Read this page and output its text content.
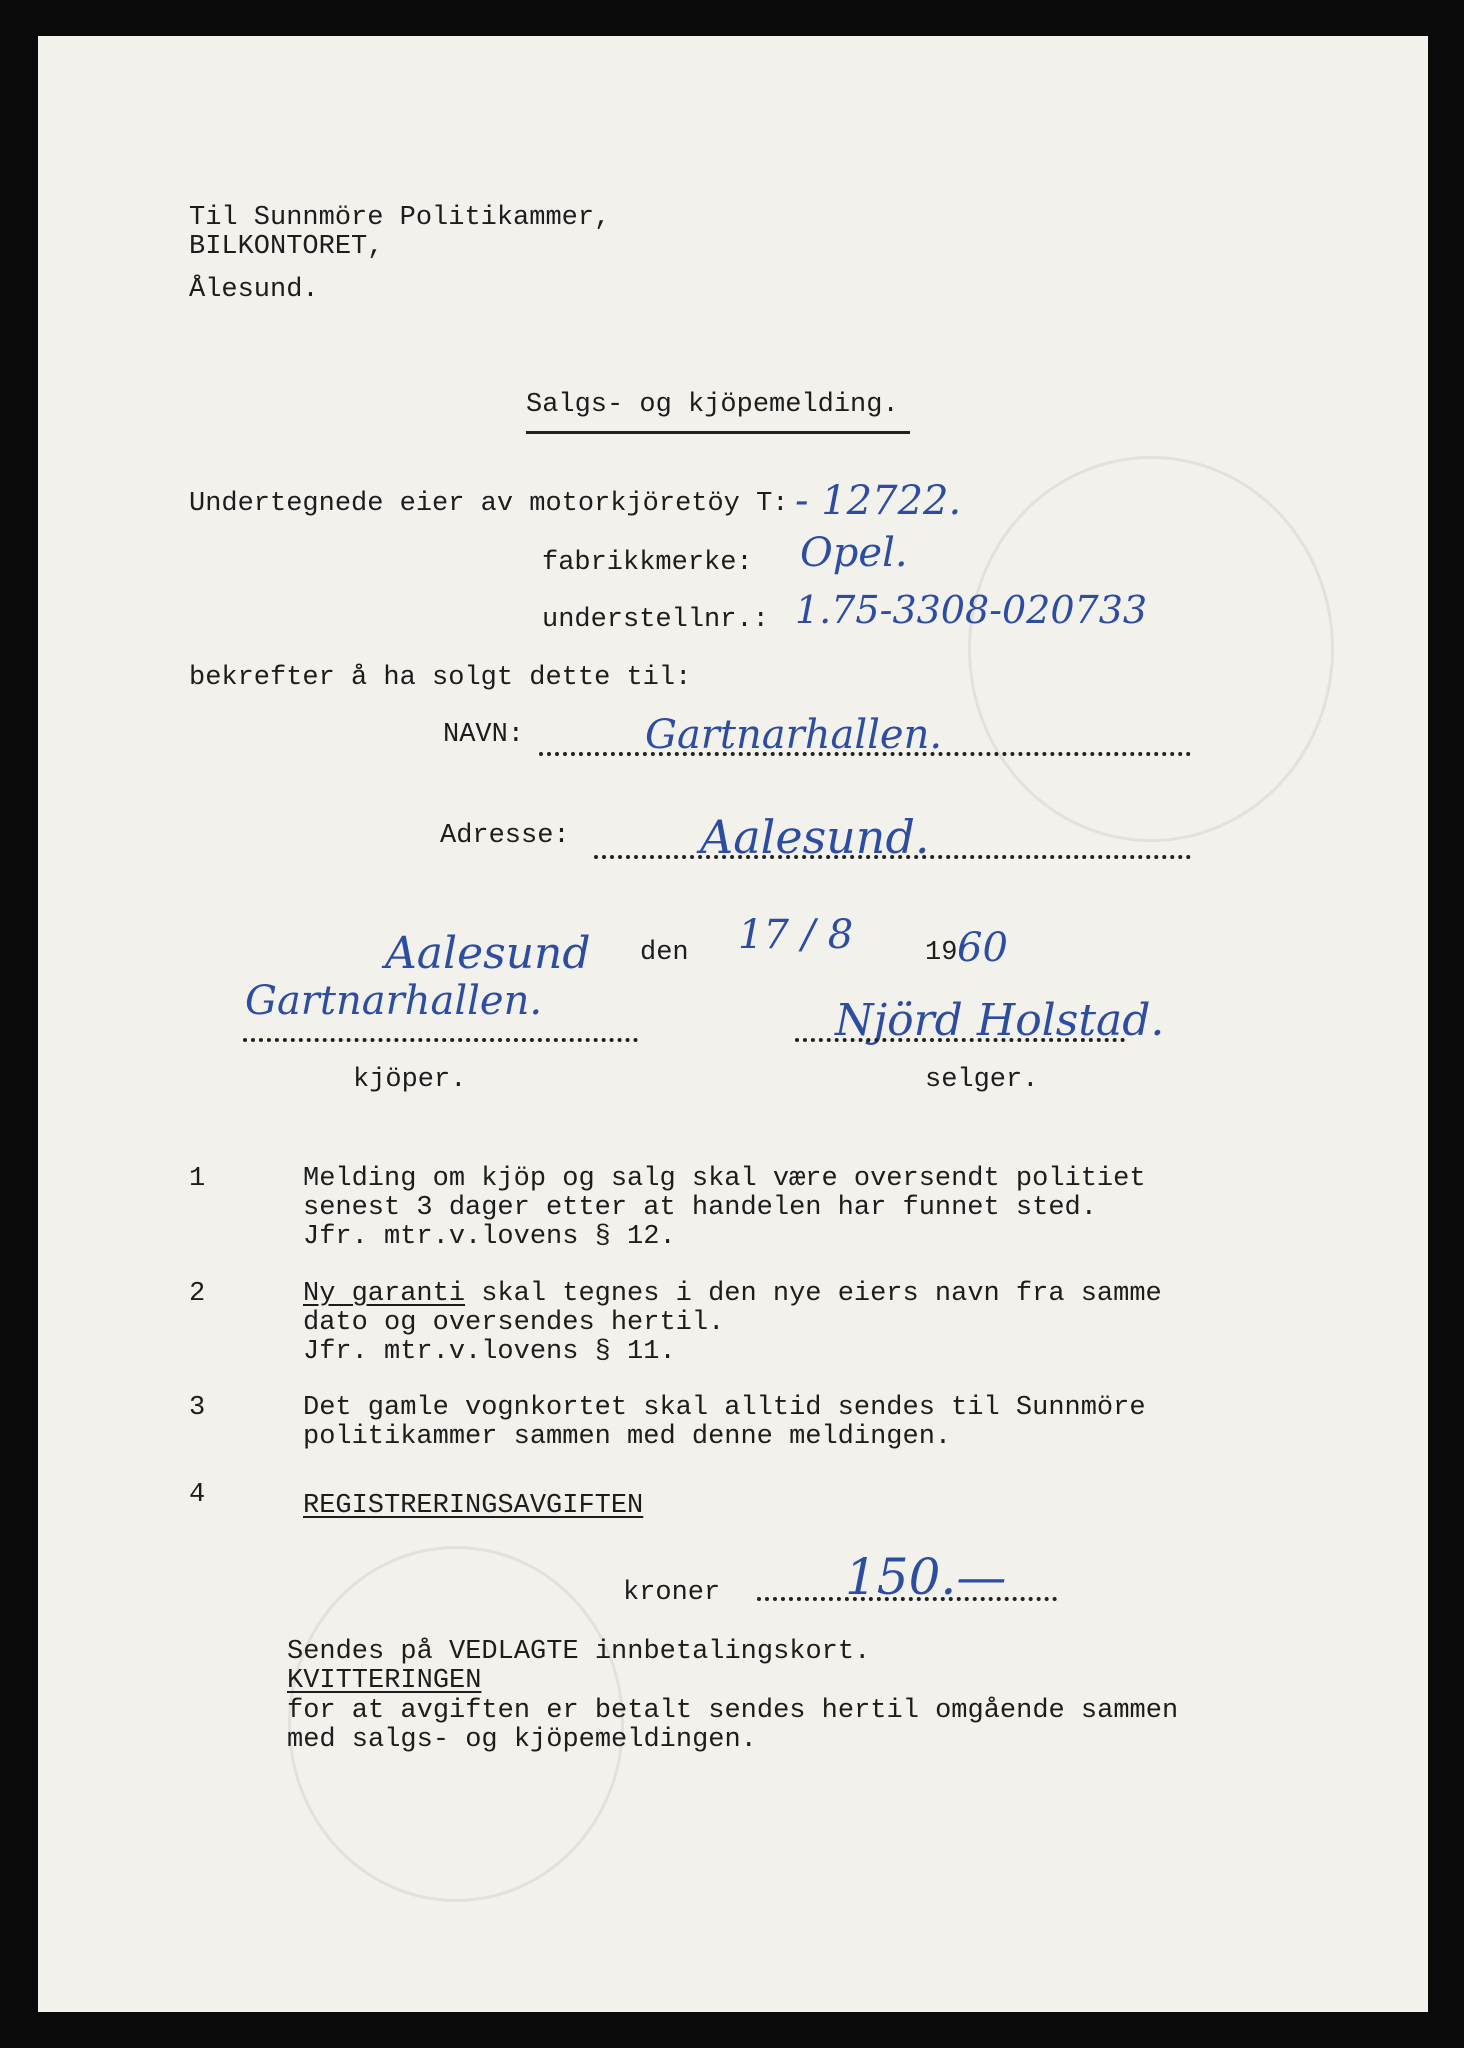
Til Sunnmöre Politikammer,
BILKONTORET,
Ålesund.
Salgs- og kjöpemelding.
Undertegnede eier av motorkjöretöy T: - 12722.
fabrikkmerke: Opel.
understellnr.: 1.75-3308-020733
bekrefter å ha solgt dette til:
NAVN:	Gartnarhallen.
Adresse:	Aalesund.
Aalesund den 17 / 8	19 60
Gartnarhallen.	Njörd Holstad.
kjöper.	selger.
1	Melding om kjöp og salg skal være oversendt politiet
senest 3 dager etter at handelen har funnet sted.
Jfr. mtr.v.lovens § 12.
2	Ny garanti skal tegnes i den nye eiers navn fra samme
dato og oversendes hertil.
Jfr. mtr.v.lovens § 11.
3	Det gamle vognkortet skal alltid sendes til Sunnmöre
politikammer sammen med denne meldingen.
4	REGISTRERINGSAVGIFTEN
kroner 150.—
Sendes på VEDLAGTE innbetalingskort.
KVITTERINGEN
for at avgiften er betalt sendes hertil omgående sammen
med salgs- og kjöpemeldingen.
